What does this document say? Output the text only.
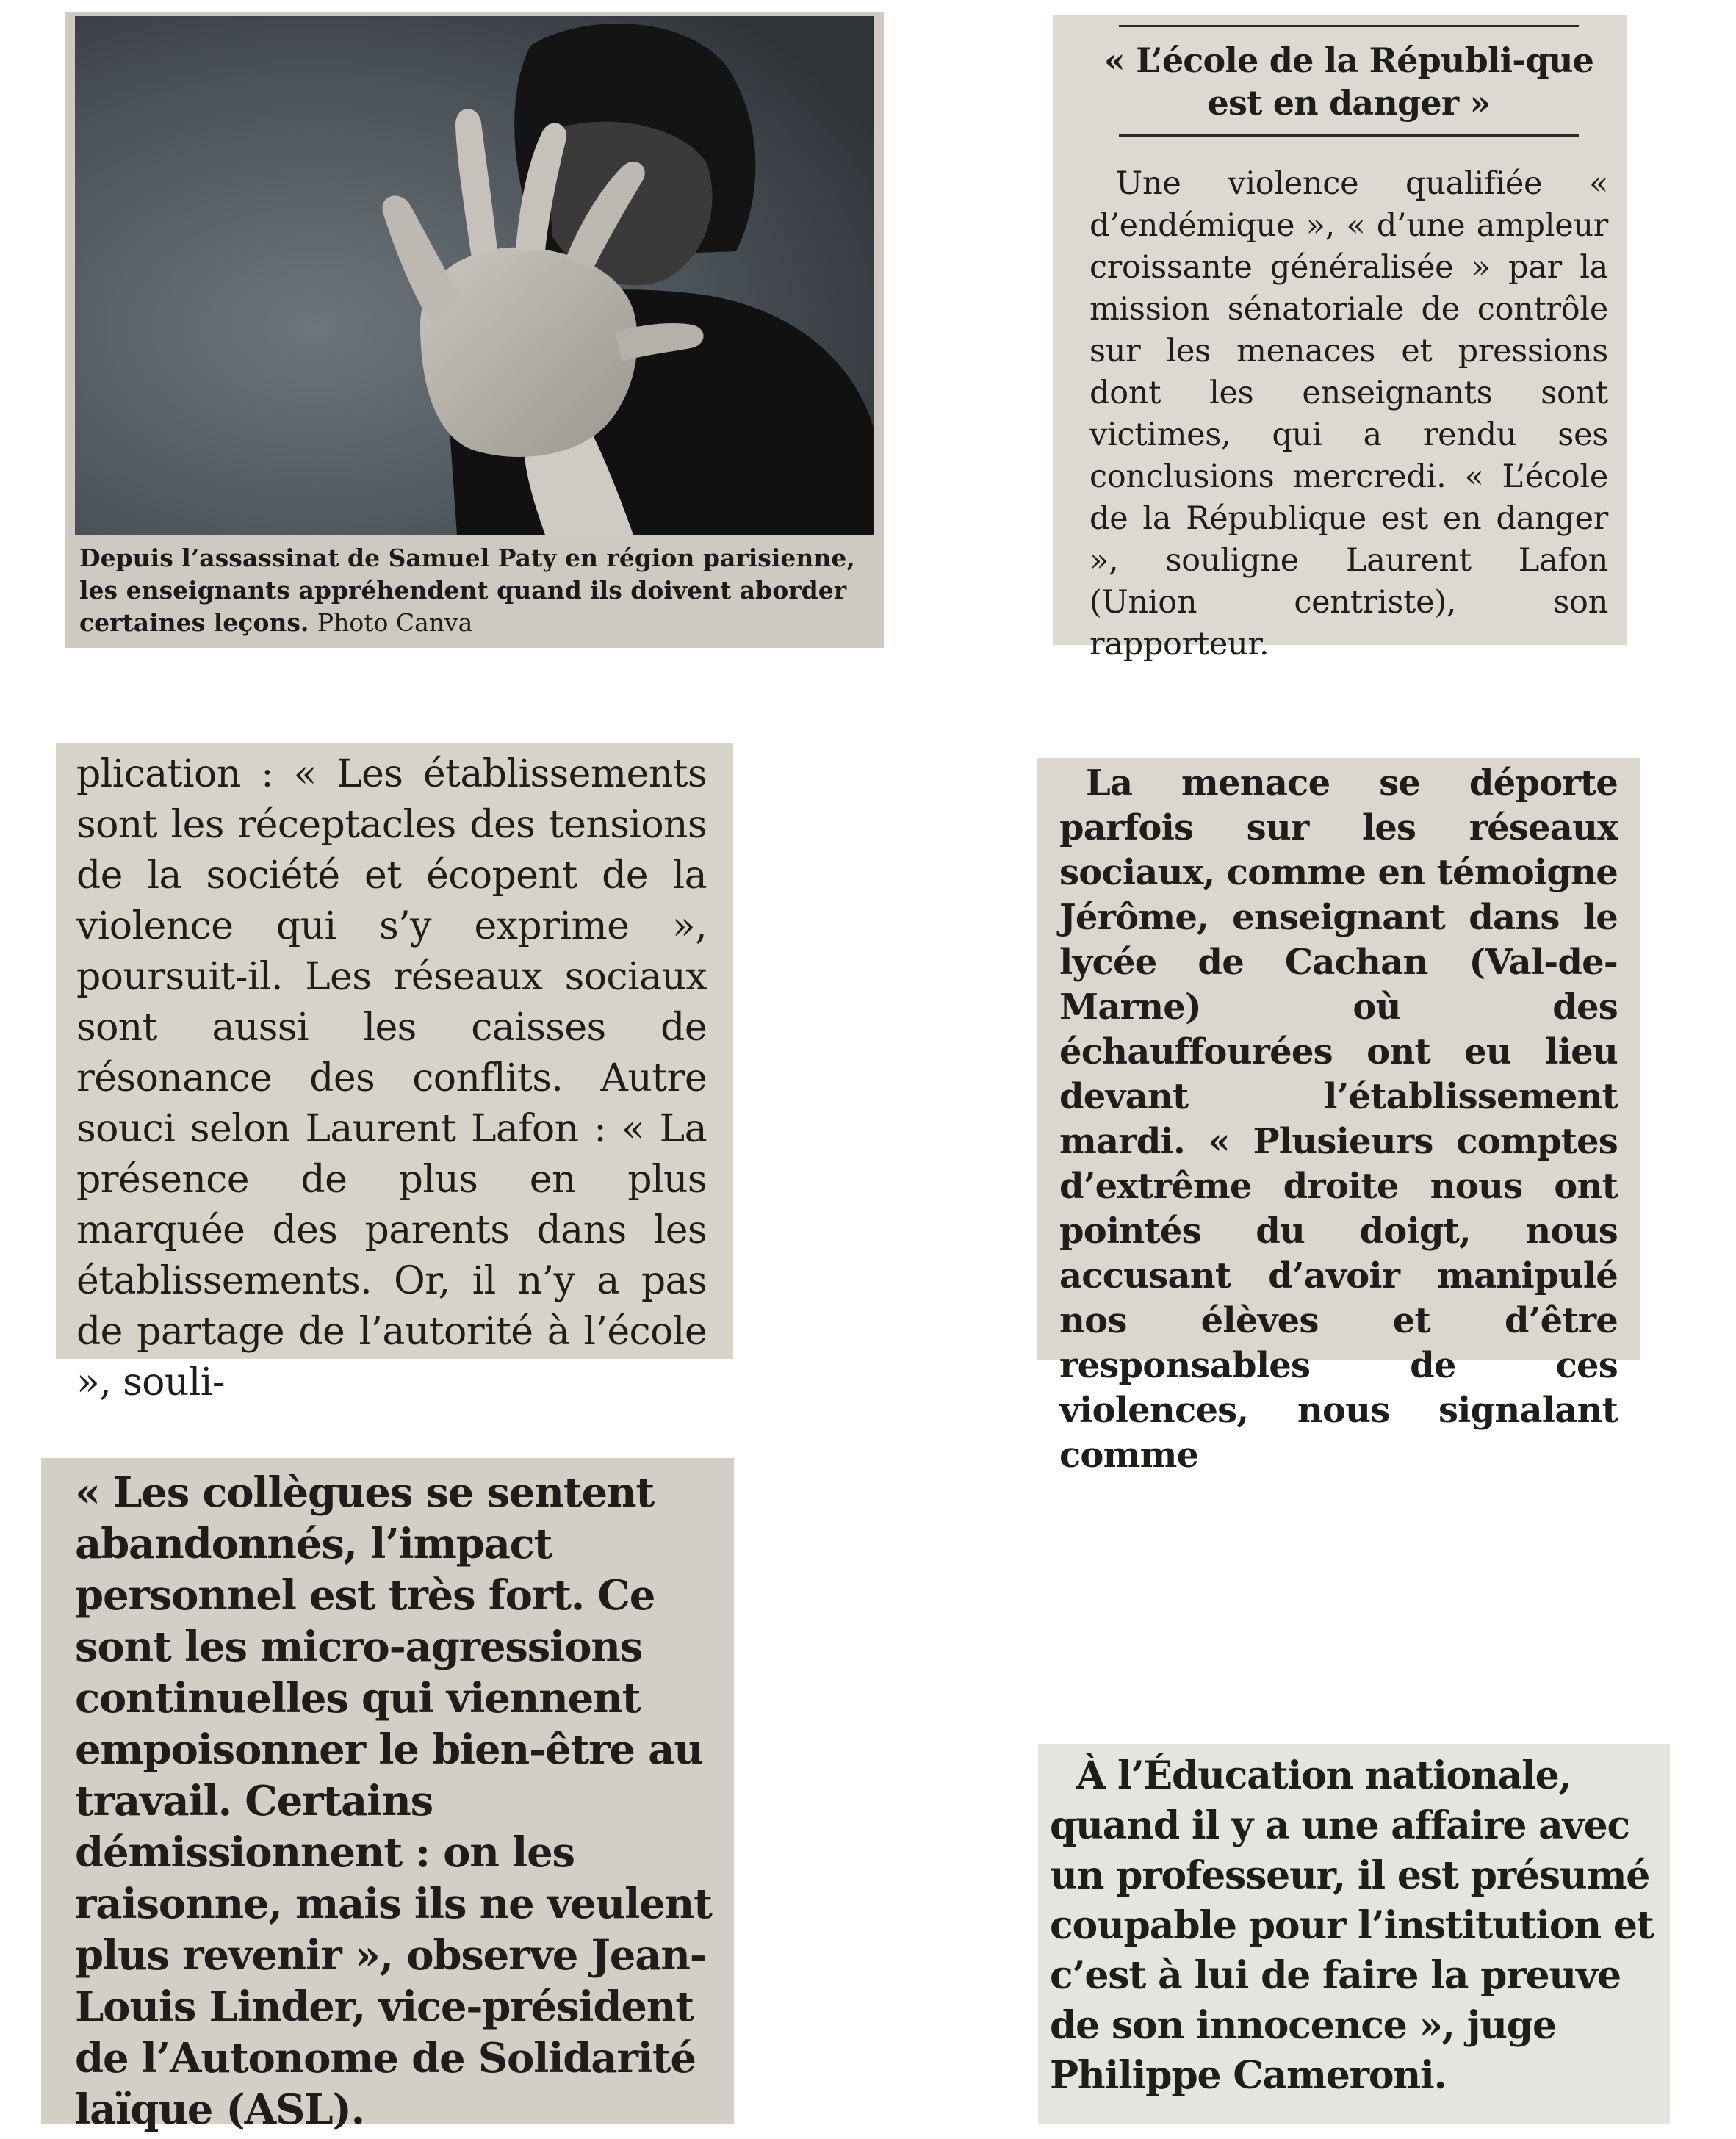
Depuis l’assassinat de Samuel Paty en région parisienne, les enseignants appréhendent quand ils doivent aborder certaines leçons. Photo Canva
« L’école de la Républi-que est en danger »

Une violence qualifiée « d’endémique », « d’une ampleur croissante généralisée » par la mission sénatoriale de contrôle sur les menaces et pressions dont les enseignants sont victimes, qui a rendu ses conclusions mercredi. « L’école de la République est en danger », souligne Laurent Lafon (Union centriste), son rapporteur.

plication : « Les établissements sont les réceptacles des tensions de la société et écopent de la violence qui s’y exprime », poursuit-il. Les réseaux sociaux sont aussi les caisses de résonance des conflits. Autre souci selon Laurent Lafon : « La présence de plus en plus marquée des parents dans les établissements. Or, il n’y a pas de partage de l’autorité à l’école », souli-

La menace se déporte parfois sur les réseaux sociaux, comme en témoigne Jérôme, enseignant dans le lycée de Cachan (Val-de-Marne) où des échauffourées ont eu lieu devant l’établissement mardi. « Plusieurs comptes d’extrême droite nous ont pointés du doigt, nous accusant d’avoir manipulé nos élèves et d’être responsables de ces violences, nous signalant comme

« Les collègues se sentent abandonnés, l’impact personnel est très fort. Ce sont les micro-agressions continuelles qui viennent empoisonner le bien-être au travail. Certains démissionnent : on les raisonne, mais ils ne veulent plus revenir », observe Jean-Louis Linder, vice-président de l’Autonome de Solidarité laïque (ASL).

À l’Éducation nationale, quand il y a une affaire avec un professeur, il est présumé coupable pour l’institution et c’est à lui de faire la preuve de son innocence », juge Philippe Cameroni.
